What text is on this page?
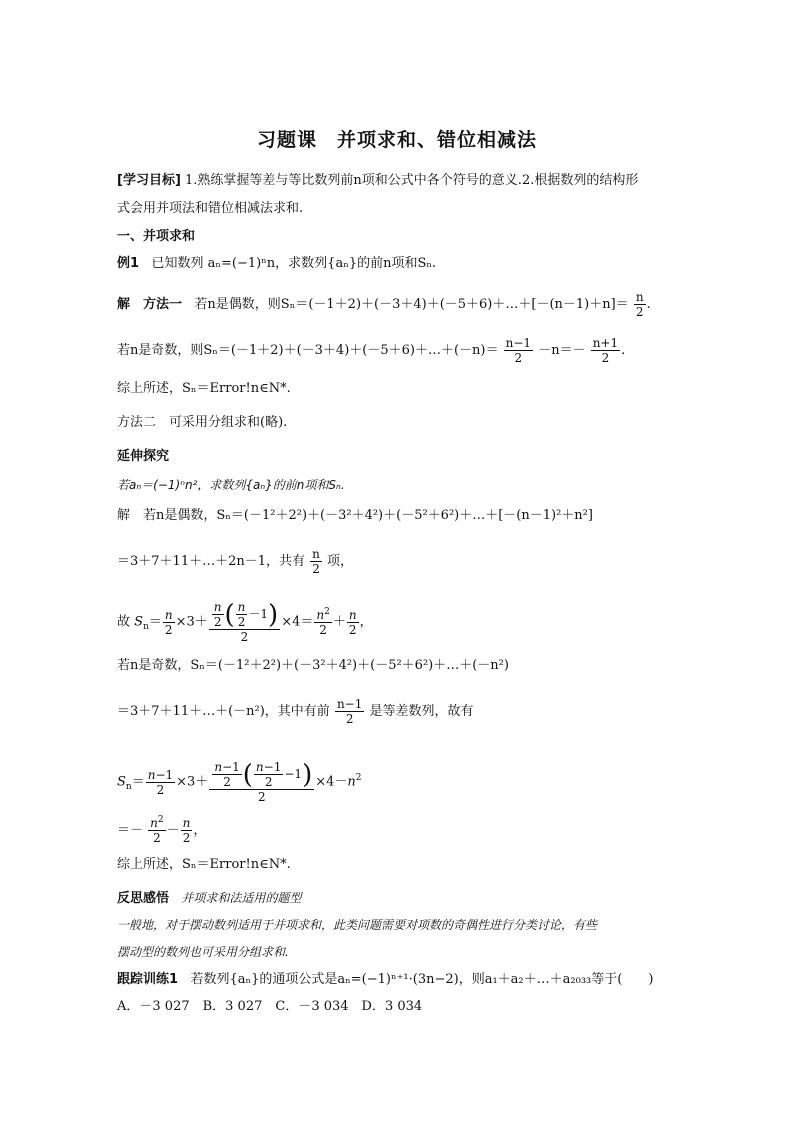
习题课　并项求和、错位相减法
[学习目标] 1.熟练掌握等差与等比数列前n项和公式中各个符号的意义.2.根据数列的结构形
式会用并项法和错位相减法求和.
一、并项求和
例1 已知数列 aₙ=(−1)ⁿn，求数列{aₙ}的前n项和Sₙ.
解　方法一 若n是偶数，则Sₙ＝(－1＋2)＋(－3＋4)＋(－5＋6)＋…＋[－(n－1)＋n]＝ $\frac{n}{2}$ .
若n是奇数，则Sₙ＝(－1＋2)＋(－3＋4)＋(－5＋6)＋…＋(－n)＝ $\frac{n-1}{2} -n=- \frac{n+1}{2}$ .
综上所述，Sₙ＝Error!n∈N*.
方法二　可采用分组求和(略).
延伸探究
若aₙ＝(−1)ⁿn²，求数列{aₙ}的前n项和Sₙ.
解　若n是偶数，Sₙ＝(－1²＋2²)＋(－3²＋4²)＋(－5²＋6²)＋…＋[－(n－1)²＋n²]
＝3＋7＋11＋…＋2n－1，共有 $\frac{n}{2}$ 项，
故 $S_n= \frac{n}{2} \times 3+ \frac{\frac{n}{2} ( \frac{n}{2} -1)}{2} \times 4= \frac{n^2}{2} + \frac{n}{2}$ ，
若n是奇数，Sₙ＝(－1²＋2²)＋(－3²＋4²)＋(－5²＋6²)＋…＋(－n²)
＝3＋7＋11＋…＋(－n²)，其中有前 $\frac{n-1}{2}$ 是等差数列，故有
$S_n= \frac{n-1}{2} \times 3+ \frac{\frac{n-1}{2} ( \frac{n-1}{2} -1)}{2} \times 4-n^2$
＝－ $\frac{n^2}{2} - \frac{n}{2}$ ，
综上所述，Sₙ＝Error!n∈N*.
反思感悟 并项求和法适用的题型
一般地，对于摆动数列适用于并项求和，此类问题需要对项数的奇偶性进行分类讨论，有些
摆动型的数列也可采用分组求和.
跟踪训练1 若数列{aₙ}的通项公式是aₙ=(−1)ⁿ⁺¹·(3n−2)，则a₁＋a₂＋…＋a₂₀₃₃等于(　　)
A．－3 027　B．3 027　C．－3 034　D．3 034
